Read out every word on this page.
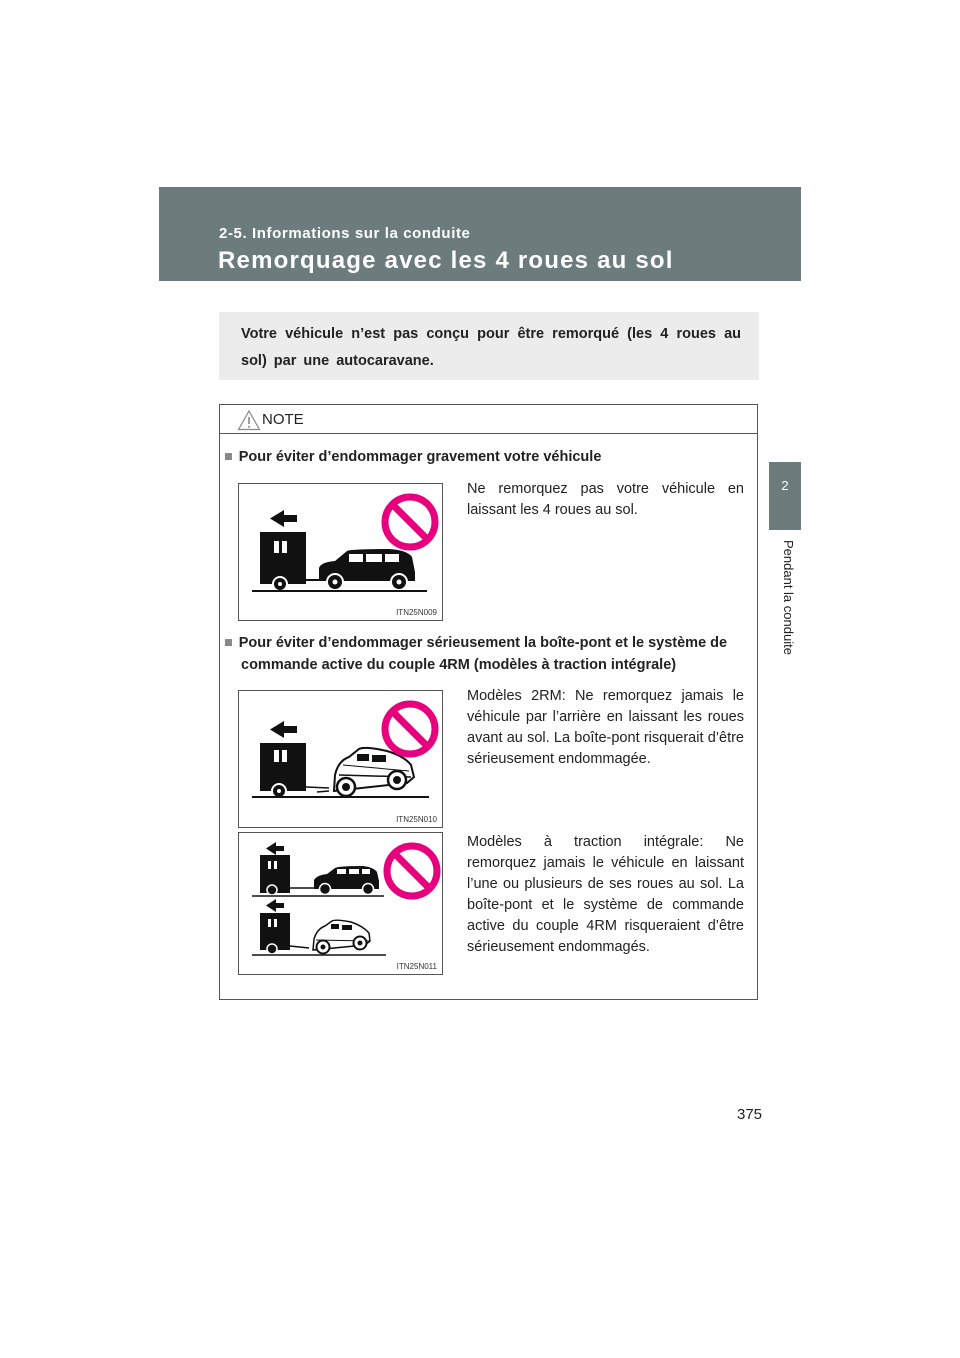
2-5. Informations sur la conduite
Remorquage avec les 4 roues au sol
2
Pendant la conduite
Votre véhicule n’est pas conçu pour être remorqué (les 4 roues au sol) par une autocaravane.
NOTE
■ Pour éviter d’endommager gravement votre véhicule
ITN25N009
Ne remorquez pas votre véhicule en laissant les 4 roues au sol.
■ Pour éviter d’endommager sérieusement la boîte-pont et le système de commande active du couple 4RM (modèles à traction intégrale)
ITN25N010
Modèles 2RM: Ne remorquez jamais le véhicule par l’arrière en laissant les roues avant au sol. La boîte-pont risquerait d’être sérieusement endommagée.
ITN25N011
Modèles à traction intégrale: Ne remorquez jamais le véhicule en laissant l’une ou plusieurs de ses roues au sol. La boîte-pont et le système de commande active du couple 4RM risqueraient d’être sérieusement endommagés.
375
